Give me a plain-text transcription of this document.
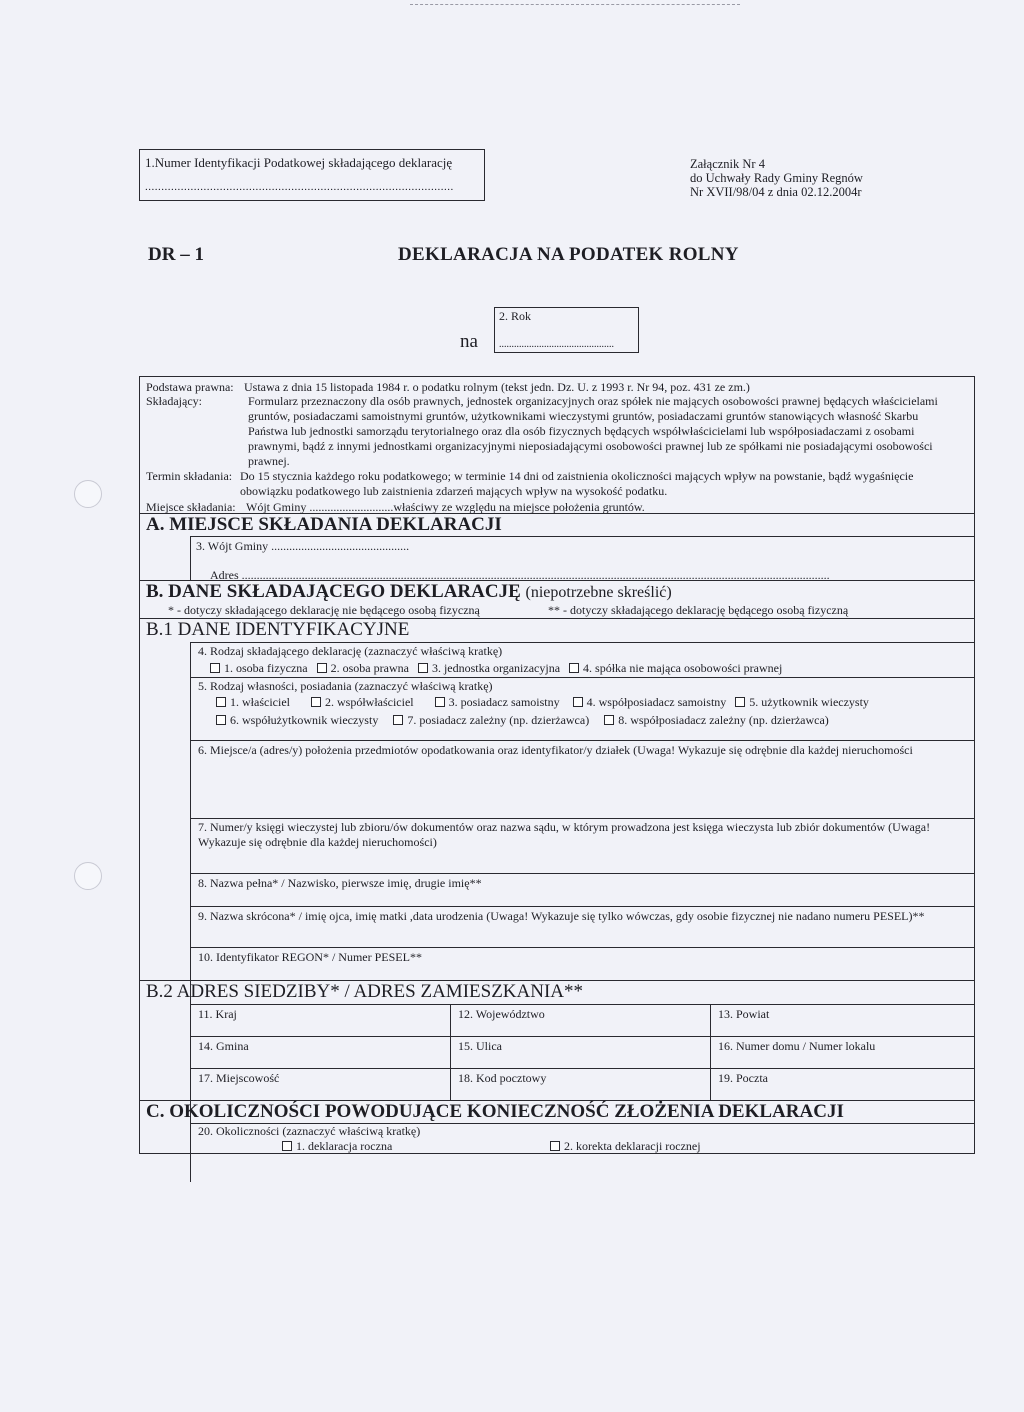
1.Numer Identyfikacji Podatkowej składającego deklarację
...............................................................................................
Załącznik Nr 4
do Uchwały Rady Gminy Regnów
Nr XVII/98/04 z dnia 02.12.2004r
DR – 1	DEKLARACJA NA PODATEK ROLNY
na
2. Rok
..............................................
Podstawa prawna: Ustawa z dnia 15 listopada 1984 r. o podatku rolnym (tekst jedn. Dz. U. z 1993 r. Nr 94, poz. 431 ze zm.)
Składający:	Formularz przeznaczony dla osób prawnych, jednostek organizacyjnych oraz spółek nie mających osobowości prawnej będących właścicielami gruntów, posiadaczami samoistnymi gruntów, użytkownikami wieczystymi gruntów, posiadaczami gruntów stanowiących własność Skarbu Państwa lub jednostki samorządu terytorialnego oraz dla osób fizycznych będących współwłaścicielami lub współposiadaczami z osobami prawnymi, bądź z innymi jednostkami organizacyjnymi nieposiadającymi osobowości prawnej lub ze spółkami nie posiadającymi osobowości prawnej.
Termin składania: Do 15 stycznia każdego roku podatkowego; w terminie 14 dni od zaistnienia okoliczności mających wpływ na powstanie, bądź wygaśnięcie obowiązku podatkowego lub zaistnienia zdarzeń mających wpływ na wysokość podatku.
Miejsce składania: Wójt Gminy ............................właściwy ze względu na miejsce położenia gruntów.
A. MIEJSCE SKŁADANIA DEKLARACJI
3. Wójt Gminy ..............................................
Adres ....................................................................................................................................................................................................
B. DANE SKŁADAJĄCEGO DEKLARACJĘ (niepotrzebne skreślić)
* - dotyczy składającego deklarację nie będącego osobą fizyczną	** - dotyczy składającego deklarację będącego osobą fizyczną
B.1 DANE IDENTYFIKACYJNE
4. Rodzaj składającego deklarację (zaznaczyć właściwą kratkę)
1. osoba fizyczna 2. osoba prawna 3. jednostka organizacyjna 4. spółka nie mająca osobowości prawnej
5. Rodzaj własności, posiadania (zaznaczyć właściwą kratkę)
1. właściciel	2. współwłaściciel	3. posiadacz samoistny 4. współposiadacz samoistny 5. użytkownik wieczysty
6. współużytkownik wieczysty 7. posiadacz zależny (np. dzierżawca) 8. współposiadacz zależny (np. dzierżawca)
6. Miejsce/a (adres/y) położenia przedmiotów opodatkowania oraz identyfikator/y działek (Uwaga! Wykazuje się odrębnie dla każdej nieruchomości
7. Numer/y księgi wieczystej lub zbioru/ów dokumentów oraz nazwa sądu, w którym prowadzona jest księga wieczysta lub zbiór dokumentów (Uwaga! Wykazuje się odrębnie dla każdej nieruchomości)
8. Nazwa pełna* / Nazwisko, pierwsze imię, drugie imię**
9. Nazwa skrócona* / imię ojca, imię matki ,data urodzenia (Uwaga! Wykazuje się tylko wówczas, gdy osobie fizycznej nie nadano numeru PESEL)**
10. Identyfikator REGON* / Numer PESEL**
B.2 ADRES SIEDZIBY* / ADRES ZAMIESZKANIA**
11. Kraj	12. Województwo	13. Powiat
14. Gmina	15. Ulica	16. Numer domu / Numer lokalu
17. Miejscowość	18. Kod pocztowy	19. Poczta
C. OKOLICZNOŚCI POWODUJĄCE KONIECZNOŚĆ ZŁOŻENIA DEKLARACJI
20. Okoliczności (zaznaczyć właściwą kratkę)
1. deklaracja roczna	2. korekta deklaracji rocznej
